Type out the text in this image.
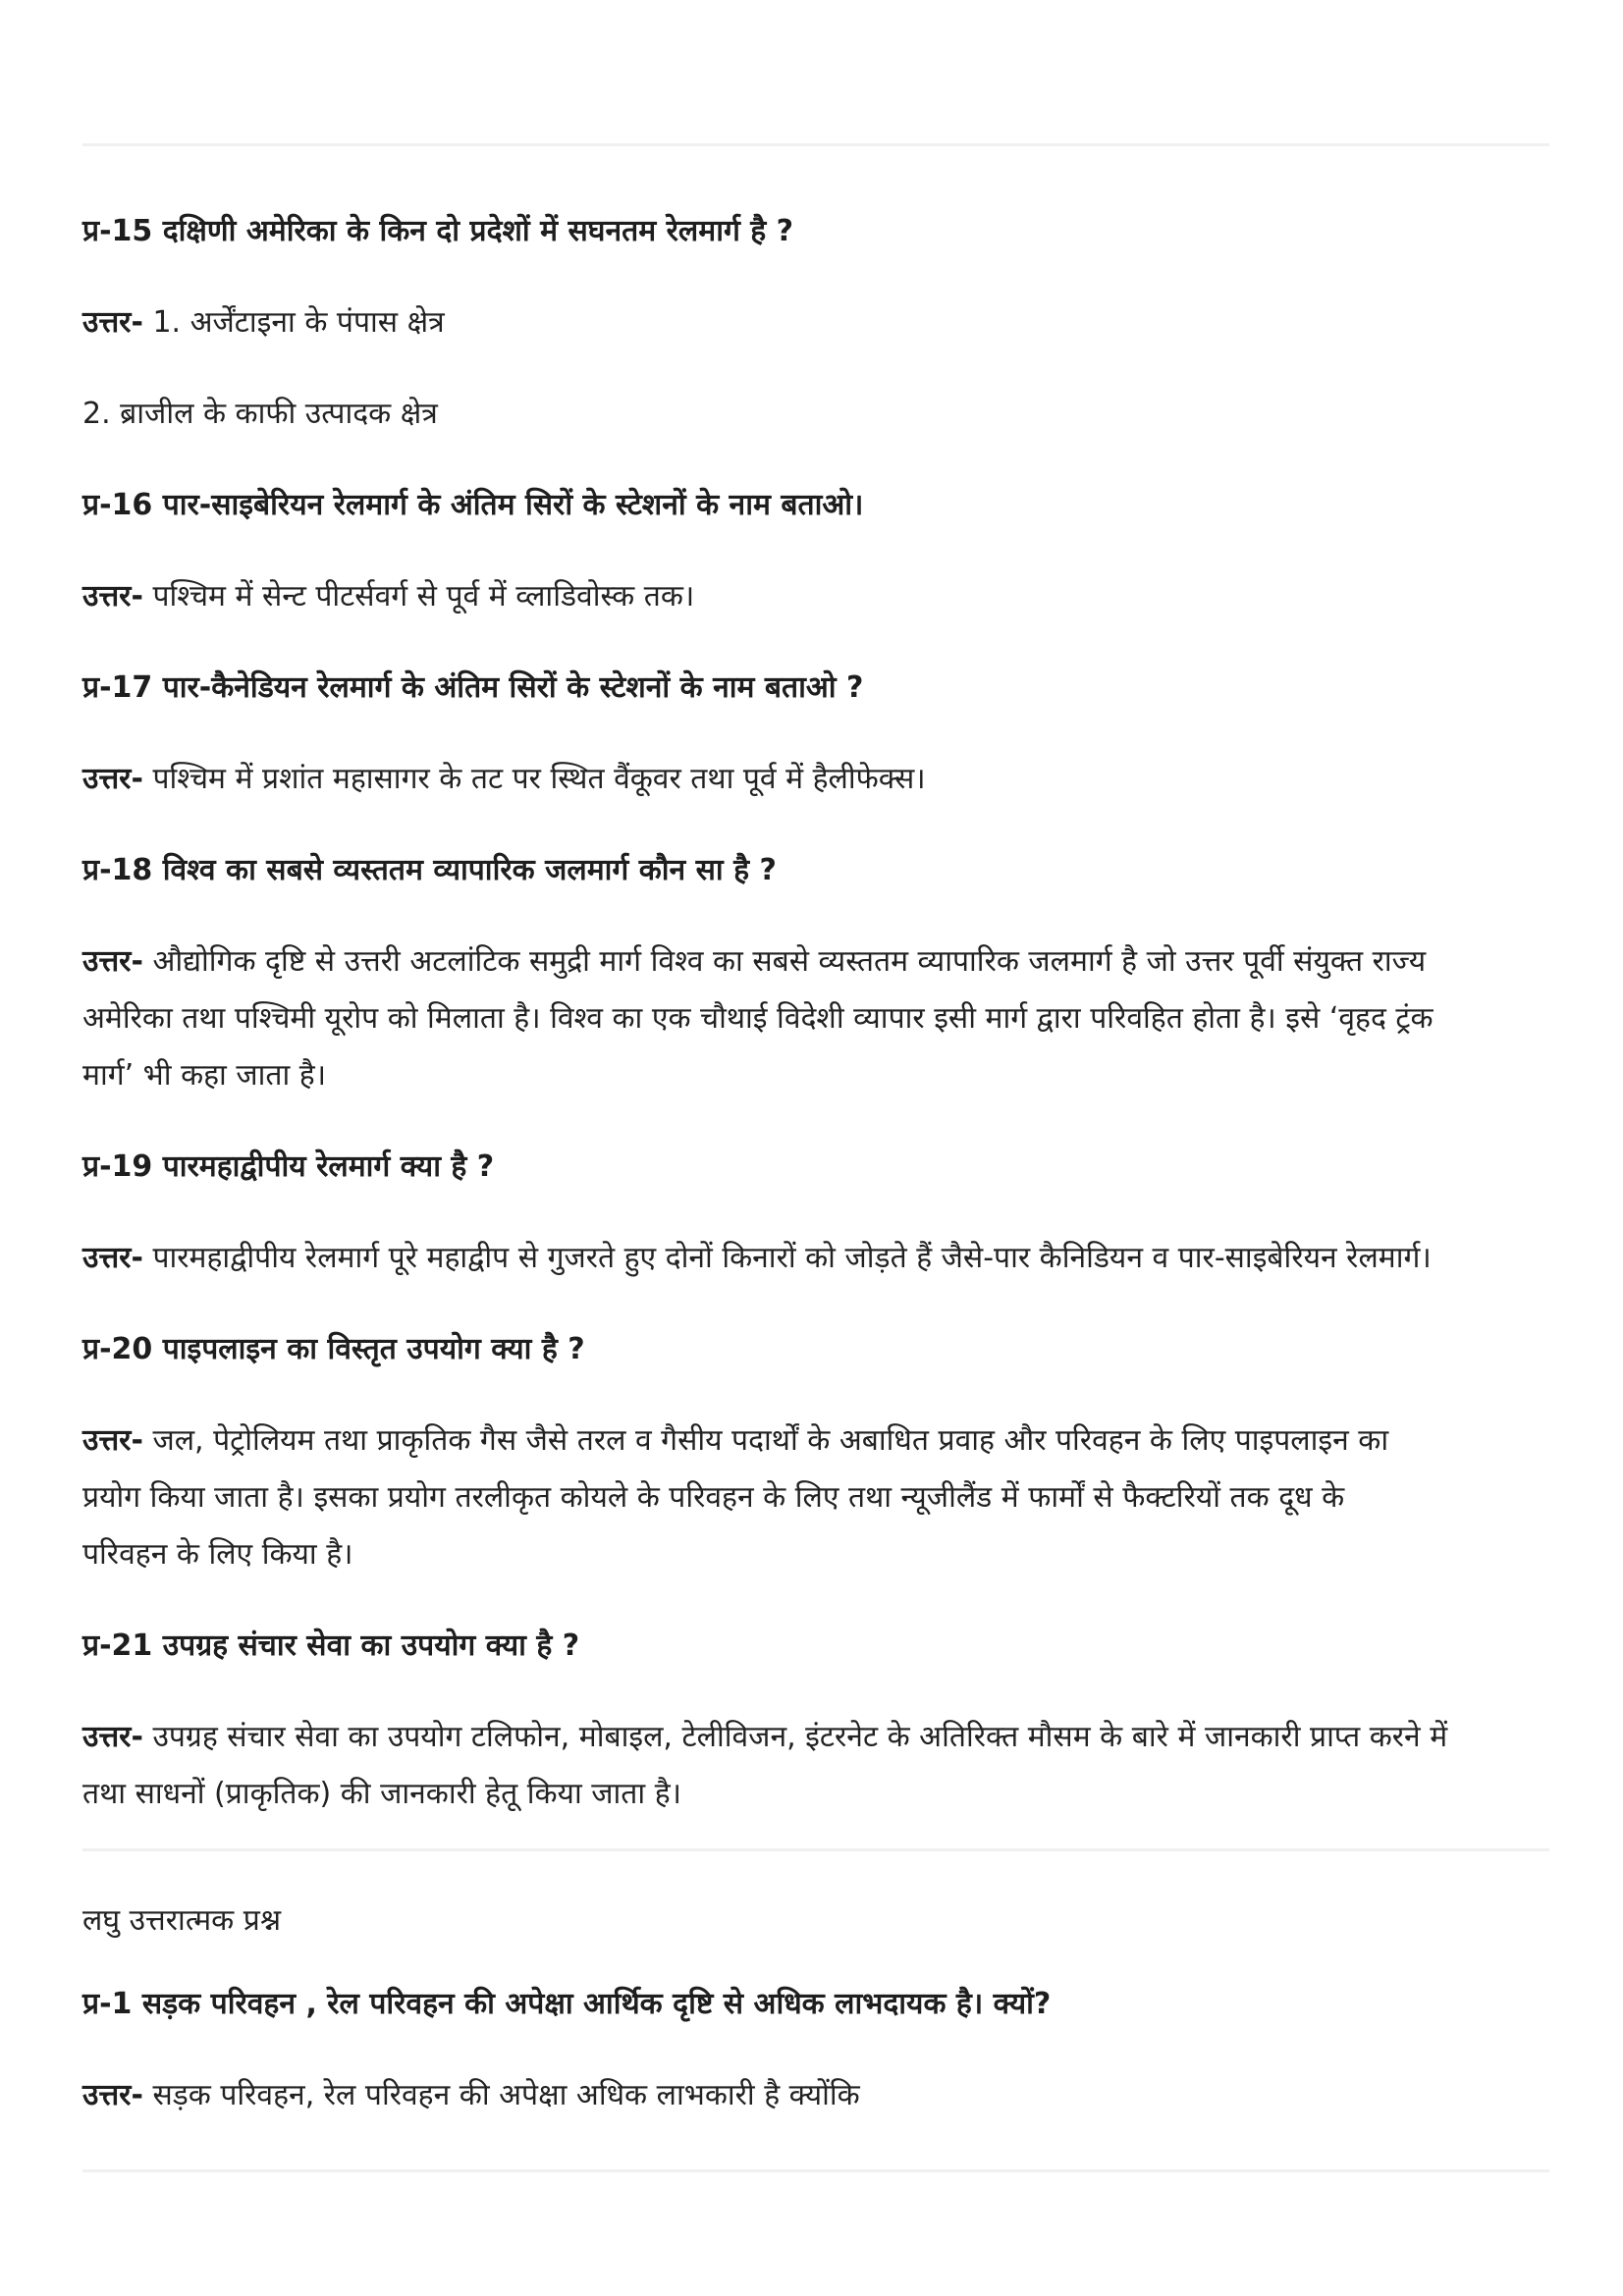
प्र-15 दक्षिणी अमेरिका के किन दो प्रदेशों में सघनतम रेलमार्ग है ?
उत्तर- 1. अर्जेंटाइना के पंपास क्षेत्र
2. ब्राजील के काफी उत्पादक क्षेत्र
प्र-16 पार-साइबेरियन रेलमार्ग के अंतिम सिरों के स्टेशनों के नाम बताओ।
उत्तर- पश्चिम में सेन्ट पीटर्सवर्ग से पूर्व में व्लाडिवोस्क तक।
प्र-17 पार-कैनेडियन रेलमार्ग के अंतिम सिरों के स्टेशनों के नाम बताओ ?
उत्तर- पश्चिम में प्रशांत महासागर के तट पर स्थित वैंकूवर तथा पूर्व में हैलीफेक्स।
प्र-18 विश्व का सबसे व्यस्ततम व्यापारिक जलमार्ग कौन सा है ?
उत्तर- औद्योगिक दृष्टि से उत्तरी अटलांटिक समुद्री मार्ग विश्व का सबसे व्यस्ततम व्यापारिक जलमार्ग है जो उत्तर पूर्वी संयुक्त राज्य
अमेरिका तथा पश्चिमी यूरोप को मिलाता है। विश्व का एक चौथाई विदेशी व्यापार इसी मार्ग द्वारा परिवहित होता है। इसे ‘वृहद ट्रंक
मार्ग’ भी कहा जाता है।
प्र-19 पारमहाद्वीपीय रेलमार्ग क्या है ?
उत्तर- पारमहाद्वीपीय रेलमार्ग पूरे महाद्वीप से गुजरते हुए दोनों किनारों को जोड़ते हैं जैसे-पार कैनिडियन व पार-साइबेरियन रेलमार्ग।
प्र-20 पाइपलाइन का विस्तृत उपयोग क्या है ?
उत्तर- जल, पेट्रोलियम तथा प्राकृतिक गैस जैसे तरल व गैसीय पदार्थों के अबाधित प्रवाह और परिवहन के लिए पाइपलाइन का
प्रयोग किया जाता है। इसका प्रयोग तरलीकृत कोयले के परिवहन के लिए तथा न्यूजीलैंड में फार्मों से फैक्टरियों तक दूध के
परिवहन के लिए किया है।
प्र-21 उपग्रह संचार सेवा का उपयोग क्या है ?
उत्तर- उपग्रह संचार सेवा का उपयोग टलिफोन, मोबाइल, टेलीविजन, इंटरनेट के अतिरिक्त मौसम के बारे में जानकारी प्राप्त करने में
तथा साधनों (प्राकृतिक) की जानकारी हेतू किया जाता है।
लघु उत्तरात्मक प्रश्न
प्र-1 सड़क परिवहन , रेल परिवहन की अपेक्षा आर्थिक दृष्टि से अधिक लाभदायक है। क्यों?
उत्तर- सड़क परिवहन, रेल परिवहन की अपेक्षा अधिक लाभकारी है क्योंकि
